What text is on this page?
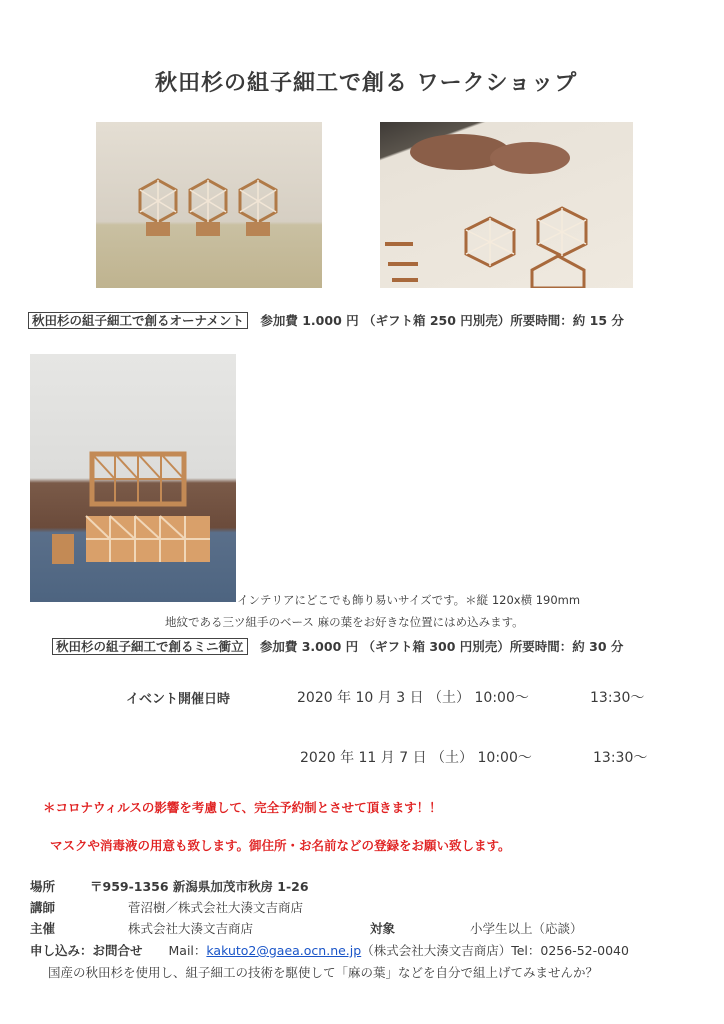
秋田杉の組子細工で創る ワークショップ
秋田杉の組子細工で創るオーナメント 参加費 1.000 円 （ギフト箱 250 円別売）所要時間：約 15 分
インテリアにどこでも飾り易いサイズです。＊縦 120x横 190mm
地紋である三ツ組手のベース 麻の葉をお好きな位置にはめ込みます。
秋田杉の組子細工で創るミニ衝立 参加費 3.000 円 （ギフト箱 300 円別売）所要時間：約 30 分
イベント開催日時	2020 年 10 月 3 日 （土） 10:00～	13:30～
2020 年 11 月 7 日 （土） 10:00～	13:30～
＊コロナウィルスの影響を考慮して、完全予約制とさせて頂きます！！
マスクや消毒液の用意も致します。御住所・お名前などの登録をお願い致します。
場所	〒959-1356 新潟県加茂市秋房 1-26
講師	菅沼樹／株式会社大湊文吉商店
主催	株式会社大湊文吉商店	対象	小学生以上（応談）
申し込み：お問合せ Mail：kakuto2@gaea.ocn.ne.jp（株式会社大湊文吉商店）Tel：0256-52-0040
国産の秋田杉を使用し、組子細工の技術を駆使して「麻の葉」などを自分で組上げてみませんか？
